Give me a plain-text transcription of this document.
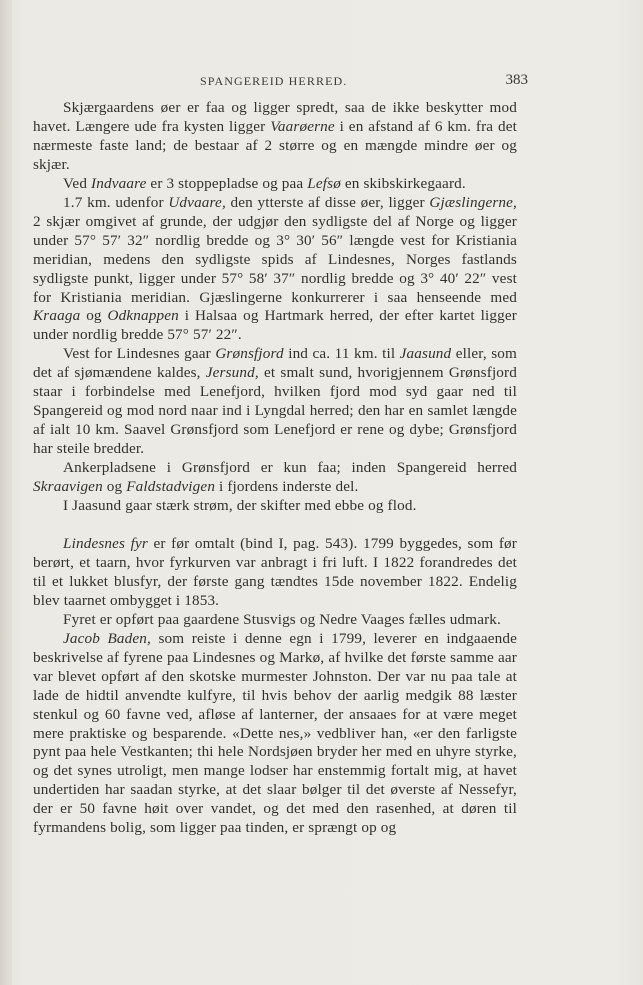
SPANGEREID HERRED.	383

Skjærgaardens øer er faa og ligger spredt, saa de ikke beskytter mod havet. Længere ude fra kysten ligger Vaarøerne i en afstand af 6 km. fra det nærmeste faste land; de bestaar af 2 større og en mængde mindre øer og skjær.

Ved Indvaare er 3 stoppepladse og paa Lefsø en skibskirkegaard.

1.7 km. udenfor Udvaare, den ytterste af disse øer, ligger Gjæslingerne, 2 skjær omgivet af grunde, der udgjør den sydligste del af Norge og ligger under 57° 57′ 32″ nordlig bredde og 3° 30′ 56″ længde vest for Kristiania meridian, medens den sydligste spids af Lindesnes, Norges fastlands sydligste punkt, ligger under 57° 58′ 37″ nordlig bredde og 3° 40′ 22″ vest for Kristiania meridian. Gjæslingerne konkurrerer i saa henseende med Kraaga og Odknappen i Halsaa og Hartmark herred, der efter kartet ligger under nordlig bredde 57° 57′ 22″.

Vest for Lindesnes gaar Grønsfjord ind ca. 11 km. til Jaasund eller, som det af sjømændene kaldes, Jersund, et smalt sund, hvorigjennem Grønsfjord staar i forbindelse med Lenefjord, hvilken fjord mod syd gaar ned til Spangereid og mod nord naar ind i Lyngdal herred; den har en samlet længde af ialt 10 km. Saavel Grønsfjord som Lenefjord er rene og dybe; Grønsfjord har steile bredder.

Ankerpladsene i Grønsfjord er kun faa; inden Spangereid herred Skraavigen og Faldstadvigen i fjordens inderste del.

I Jaasund gaar stærk strøm, der skifter med ebbe og flod.

Lindesnes fyr er før omtalt (bind I, pag. 543). 1799 byggedes, som før berørt, et taarn, hvor fyrkurven var anbragt i fri luft. I 1822 forandredes det til et lukket blusfyr, der første gang tændtes 15de november 1822. Endelig blev taarnet ombygget i 1853.

Fyret er opført paa gaardene Stusvigs og Nedre Vaages fælles udmark.

Jacob Baden, som reiste i denne egn i 1799, leverer en indgaaende beskrivelse af fyrene paa Lindesnes og Markø, af hvilke det første samme aar var blevet opført af den skotske murmester Johnston. Der var nu paa tale at lade de hidtil anvendte kulfyre, til hvis behov der aarlig medgik 88 læster stenkul og 60 favne ved, afløse af lanterner, der ansaaes for at være meget mere praktiske og besparende. «Dette nes,» vedbliver han, «er den farligste pynt paa hele Vestkanten; thi hele Nordsjøen bryder her med en uhyre styrke, og det synes utroligt, men mange lodser har enstemmig fortalt mig, at havet undertiden har saadan styrke, at det slaar bølger til det øverste af Nessefyr, der er 50 favne høit over vandet, og det med den rasenhed, at døren til fyrmandens bolig, som ligger paa tinden, er sprængt op og
